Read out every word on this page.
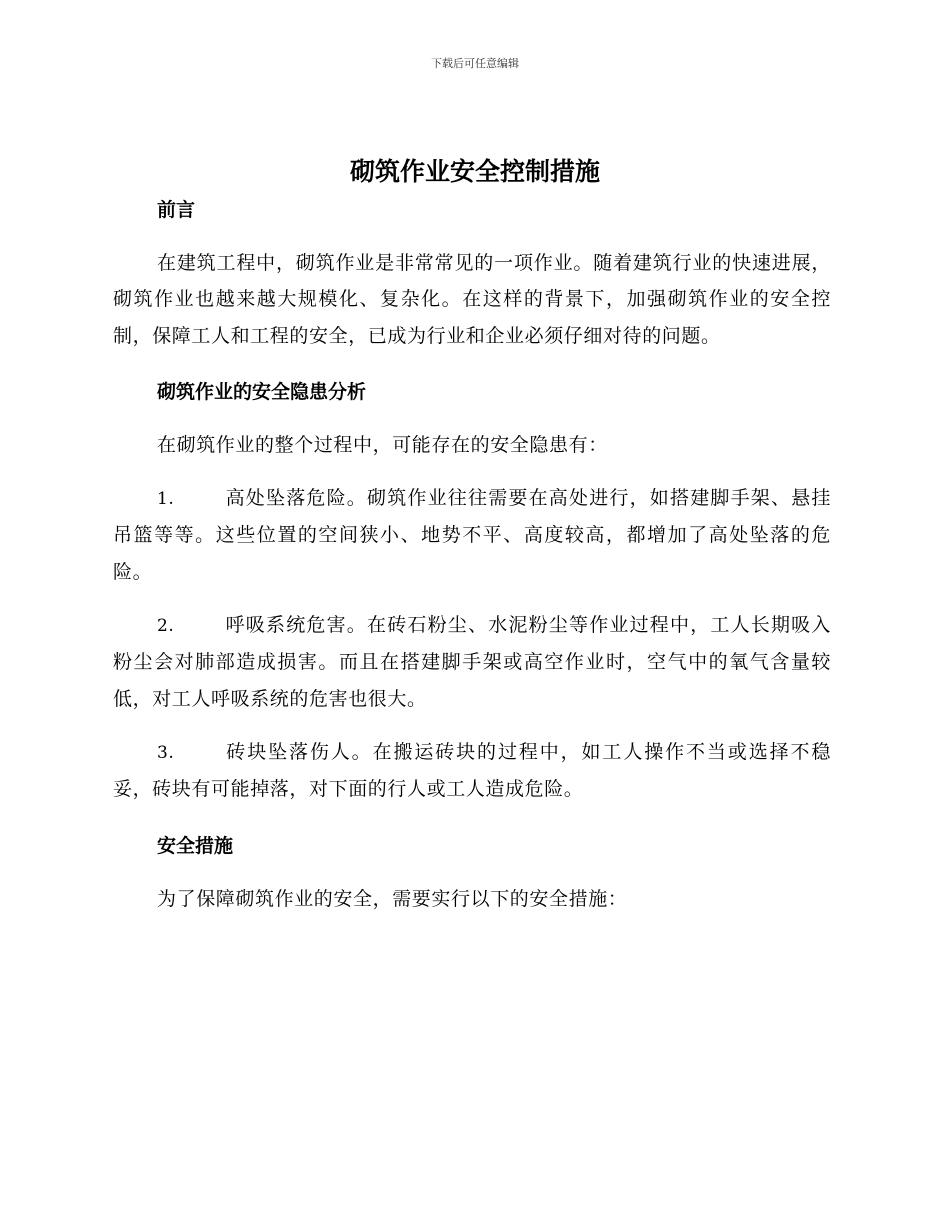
下载后可任意编辑
砌筑作业安全控制措施

前言

在建筑工程中，砌筑作业是非常常见的一项作业。随着建筑行业的快速进展，砌筑作业也越来越大规模化、复杂化。在这样的背景下，加强砌筑作业的安全控制，保障工人和工程的安全，已成为行业和企业必须仔细对待的问题。

砌筑作业的安全隐患分析

在砌筑作业的整个过程中，可能存在的安全隐患有：

1.	高处坠落危险。砌筑作业往往需要在高处进行，如搭建脚手架、悬挂吊篮等等。这些位置的空间狭小、地势不平、高度较高，都增加了高处坠落的危险。

2.	呼吸系统危害。在砖石粉尘、水泥粉尘等作业过程中，工人长期吸入粉尘会对肺部造成损害。而且在搭建脚手架或高空作业时，空气中的氧气含量较低，对工人呼吸系统的危害也很大。

3.	砖块坠落伤人。在搬运砖块的过程中，如工人操作不当或选择不稳妥，砖块有可能掉落，对下面的行人或工人造成危险。

安全措施

为了保障砌筑作业的安全，需要实行以下的安全措施：
